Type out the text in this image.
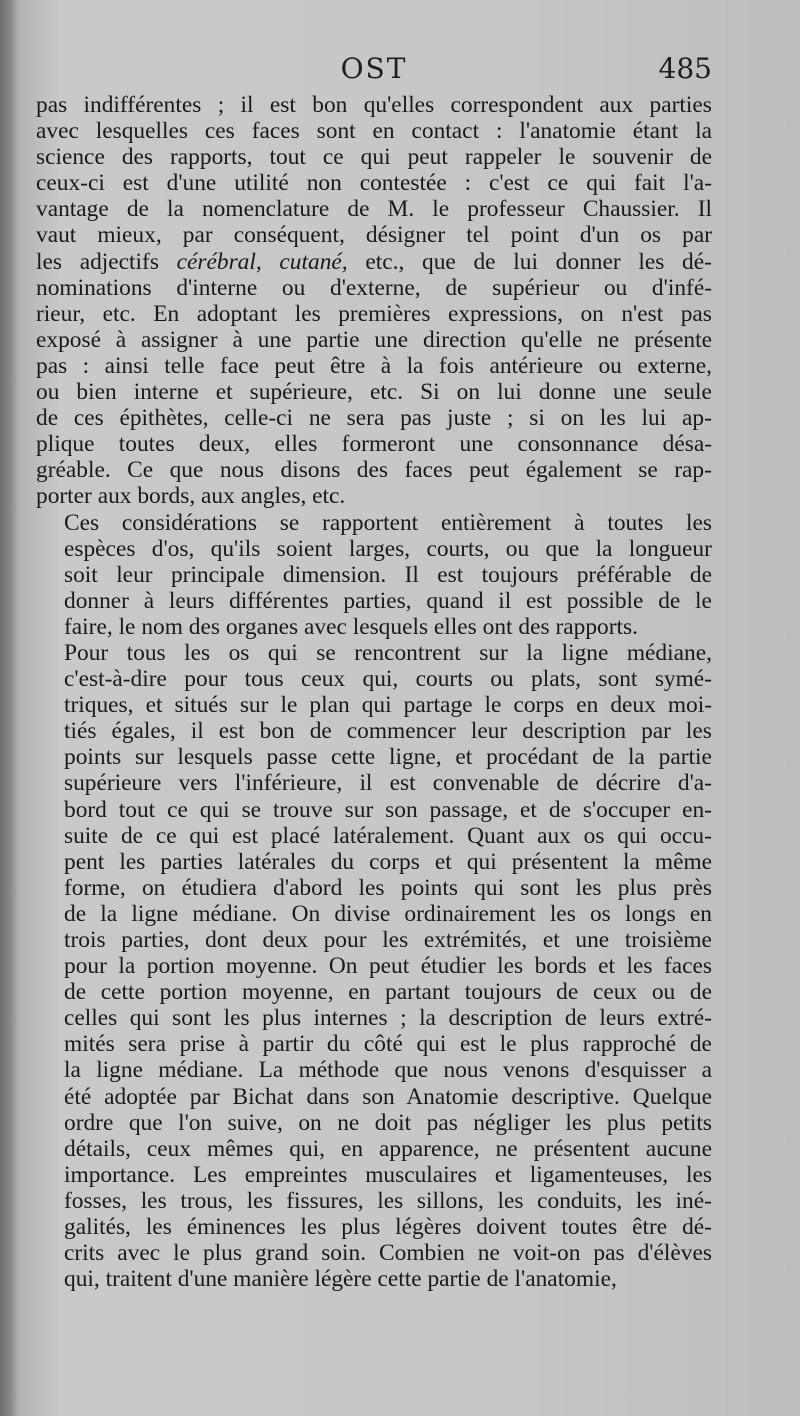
OST	485
pas indifférentes ; il est bon qu'elles correspondent aux parties
avec lesquelles ces faces sont en contact : l'anatomie étant la
science des rapports, tout ce qui peut rappeler le souvenir de
ceux-ci est d'une utilité non contestée : c'est ce qui fait l'a-
vantage de la nomenclature de M. le professeur Chaussier. Il
vaut mieux, par conséquent, désigner tel point d'un os par
les adjectifs cérébral, cutané, etc., que de lui donner les dé-
nominations d'interne ou d'externe, de supérieur ou d'infé-
rieur, etc. En adoptant les premières expressions, on n'est pas
exposé à assigner à une partie une direction qu'elle ne présente
pas : ainsi telle face peut être à la fois antérieure ou externe,
ou bien interne et supérieure, etc. Si on lui donne une seule
de ces épithètes, celle-ci ne sera pas juste ; si on les lui ap-
plique toutes deux, elles formeront une consonnance désa-
gréable. Ce que nous disons des faces peut également se rap-
porter aux bords, aux angles, etc.
Ces considérations se rapportent entièrement à toutes les
espèces d'os, qu'ils soient larges, courts, ou que la longueur
soit leur principale dimension. Il est toujours préférable de
donner à leurs différentes parties, quand il est possible de le
faire, le nom des organes avec lesquels elles ont des rapports.
Pour tous les os qui se rencontrent sur la ligne médiane,
c'est-à-dire pour tous ceux qui, courts ou plats, sont symé-
triques, et situés sur le plan qui partage le corps en deux moi-
tiés égales, il est bon de commencer leur description par les
points sur lesquels passe cette ligne, et procédant de la partie
supérieure vers l'inférieure, il est convenable de décrire d'a-
bord tout ce qui se trouve sur son passage, et de s'occuper en-
suite de ce qui est placé latéralement. Quant aux os qui occu-
pent les parties latérales du corps et qui présentent la même
forme, on étudiera d'abord les points qui sont les plus près
de la ligne médiane. On divise ordinairement les os longs en
trois parties, dont deux pour les extrémités, et une troisième
pour la portion moyenne. On peut étudier les bords et les faces
de cette portion moyenne, en partant toujours de ceux ou de
celles qui sont les plus internes ; la description de leurs extré-
mités sera prise à partir du côté qui est le plus rapproché de
la ligne médiane. La méthode que nous venons d'esquisser a
été adoptée par Bichat dans son Anatomie descriptive. Quelque
ordre que l'on suive, on ne doit pas négliger les plus petits
détails, ceux mêmes qui, en apparence, ne présentent aucune
importance. Les empreintes musculaires et ligamenteuses, les
fosses, les trous, les fissures, les sillons, les conduits, les iné-
galités, les éminences les plus légères doivent toutes être dé-
crits avec le plus grand soin. Combien ne voit-on pas d'élèves
qui, traitent d'une manière légère cette partie de l'anatomie,
